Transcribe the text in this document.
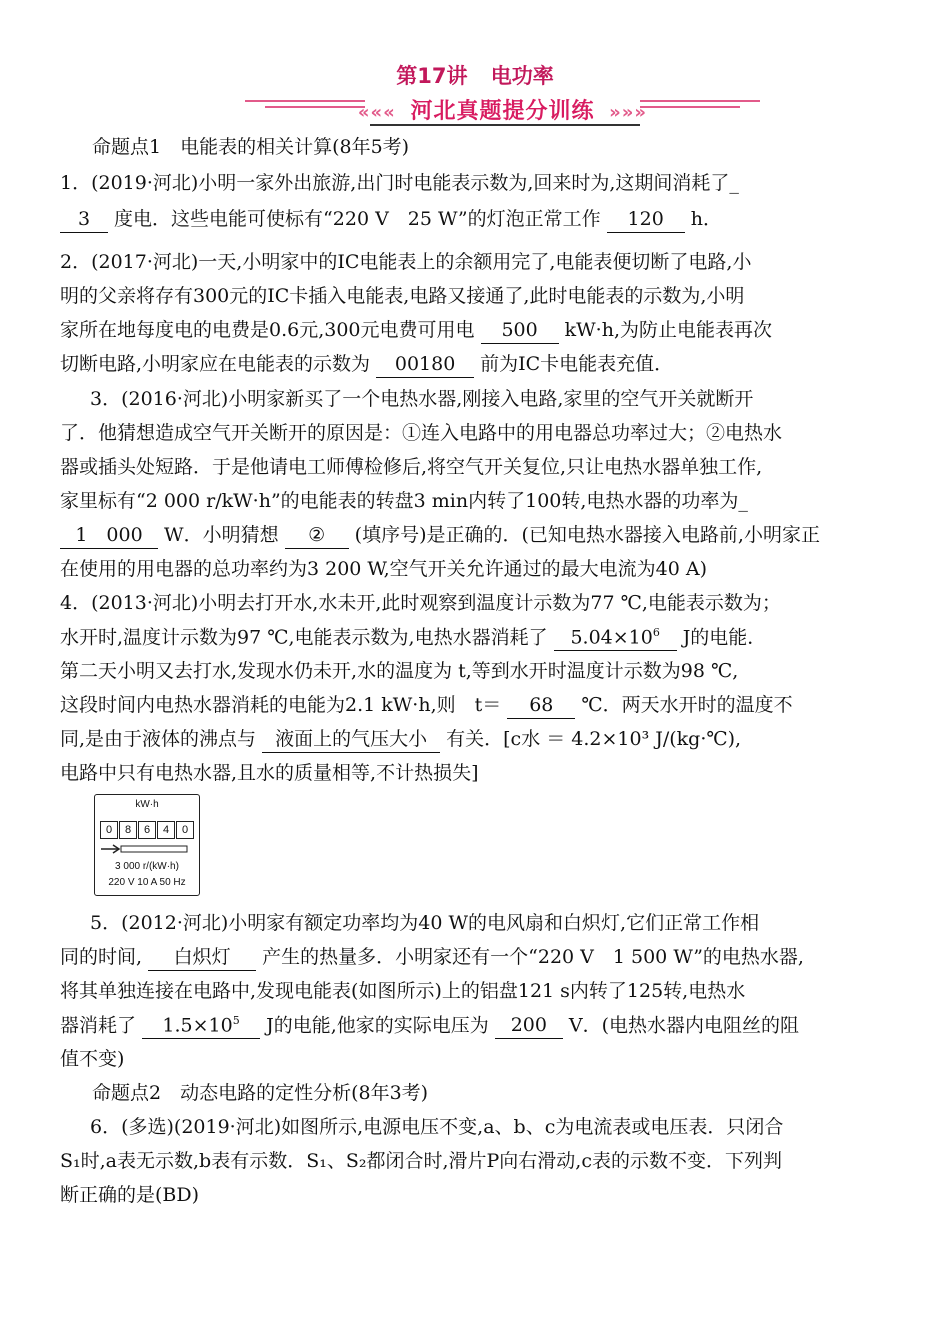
第17讲 电功率
««« 河北真题提分训练 »»»
命题点1　电能表的相关计算(8年5考)
1．(2019·河北)小明一家外出旅游,出门时电能表示数为,回来时为,这期间消耗了_
3 度电．这些电能可使标有“220 V　25 W”的灯泡正常工作 120 h．
2．(2017·河北)一天,小明家中的IC电能表上的余额用完了,电能表便切断了电路,小
明的父亲将存有300元的IC卡插入电能表,电路又接通了,此时电能表的示数为,小明
家所在地每度电的电费是0.6元,300元电费可用电 500 kW·h,为防止电能表再次
切断电路,小明家应在电能表的示数为 00180 前为IC卡电能表充值．
3．(2016·河北)小明家新买了一个电热水器,刚接入电路,家里的空气开关就断开
了．他猜想造成空气开关断开的原因是：①连入电路中的用电器总功率过大；②电热水
器或插头处短路．于是他请电工师傅检修后,将空气开关复位,只让电热水器单独工作,
家里标有“2 000 r/kW·h”的电能表的转盘3 min内转了100转,电热水器的功率为_
1　000 W．小明猜想 ② (填序号)是正确的．(已知电热水器接入电路前,小明家正
在使用的用电器的总功率约为3 200 W,空气开关允许通过的最大电流为40 A)
4．(2013·河北)小明去打开水,水未开,此时观察到温度计示数为77 ℃,电能表示数为；
水开时,温度计示数为97 ℃,电能表示数为,电热水器消耗了 $5.04\times 10^6$ J的电能．
第二天小明又去打水,发现水仍未开,水的温度为 t,等到水开时温度计示数为98 ℃,
这段时间内电热水器消耗的电能为2.1 kW·h,则　t＝ 68 ℃．两天水开时的温度不
同,是由于液体的沸点与 液面上的气压大小 有关．[c水 ＝ 4.2×10³ J/(kg·℃),
电路中只有电热水器,且水的质量相等,不计热损失]
kW·h
0	8	6	4	0
3 000 r/(kW·h)
220 V 10 A 50 Hz
5．(2012·河北)小明家有额定功率均为40 W的电风扇和白炽灯,它们正常工作相
同的时间, 白炽灯 产生的热量多．小明家还有一个“220 V　1 500 W”的电热水器,
将其单独连接在电路中,发现电能表(如图所示)上的铝盘121 s内转了125转,电热水
器消耗了 $1.5\times 10^5$ J的电能,他家的实际电压为 200 V．(电热水器内电阻丝的阻
值不变)
命题点2　动态电路的定性分析(8年3考)
6．(多选)(2019·河北)如图所示,电源电压不变,a、b、c为电流表或电压表．只闭合
S₁时,a表无示数,b表有示数．S₁、S₂都闭合时,滑片P向右滑动,c表的示数不变．下列判
断正确的是(BD)
